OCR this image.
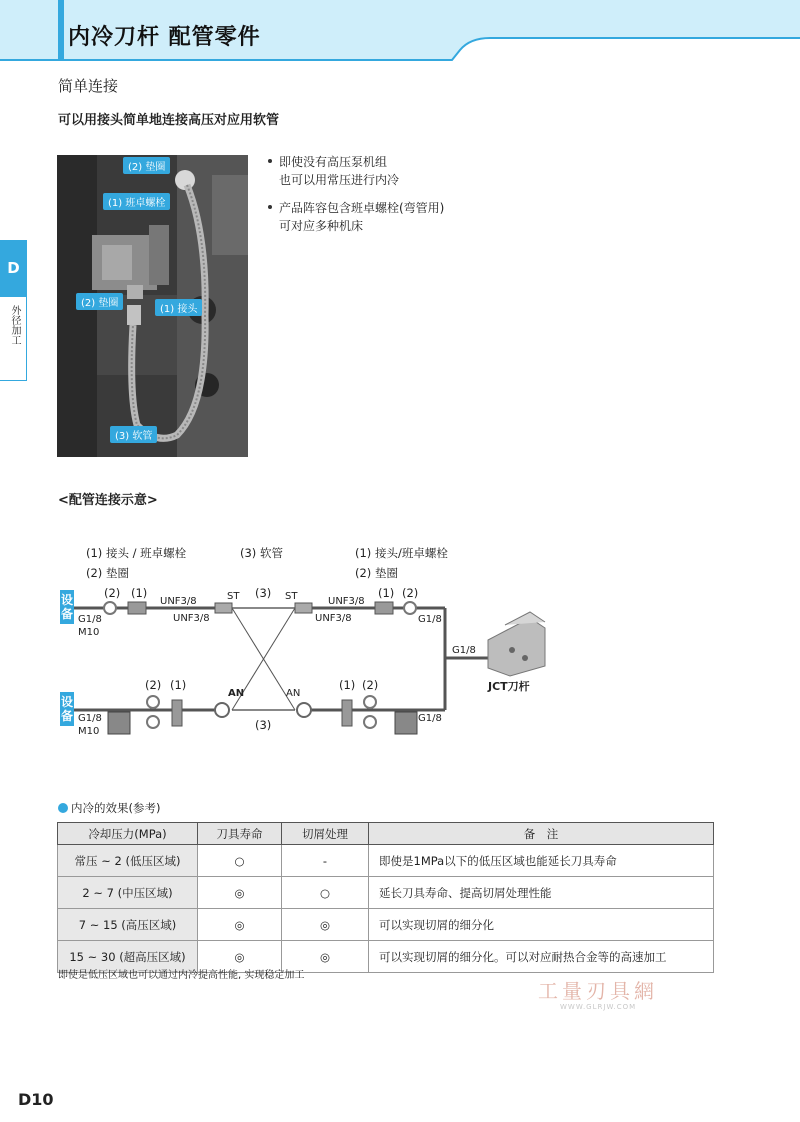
内冷刀杆 配管零件
D
外径加工
简单连接
可以用接头简单地连接高压对应用软管
(2) 垫圈
(1) 班卓螺栓
(2) 垫圈
(1) 接头
(3) 软管
即使没有高压泵机组
也可以用常压进行内冷
产品阵容包含班卓螺栓(弯管用)
可对应多种机床
<配管连接示意>
(1) 接头 / 班卓螺栓
(2) 垫圈
(3) 软管	(1) 接头/班卓螺栓
(2) 垫圈
设备
设备
(2) (1)
UNF3/8
UNF3/8
ST (3) ST	UNF3/8
UNF3/8
(1) (2)
G1/8
M10
G1/8
G1/8
JCT刀杆
(2) (1)
AN	AN
(1) (2)
(3)
G1/8
M10
G1/8
内冷的效果(参考)
冷却压力(MPa)	刀具寿命	切屑处理	备　注
常压 ~ 2 (低压区域)	○	-	即使是1MPa以下的低压区域也能延长刀具寿命
2 ~ 7 (中压区域)	◎	○	延长刀具寿命、提高切屑处理性能
7 ~ 15 (高压区域)	◎	◎	可以实现切屑的细分化
15 ~ 30 (超高压区域)	◎	◎	可以实现切屑的细分化。可以对应耐热合金等的高速加工
即使是低压区域也可以通过内冷提高性能, 实现稳定加工
工量刃具網
WWW.GLRJW.COM
D10
